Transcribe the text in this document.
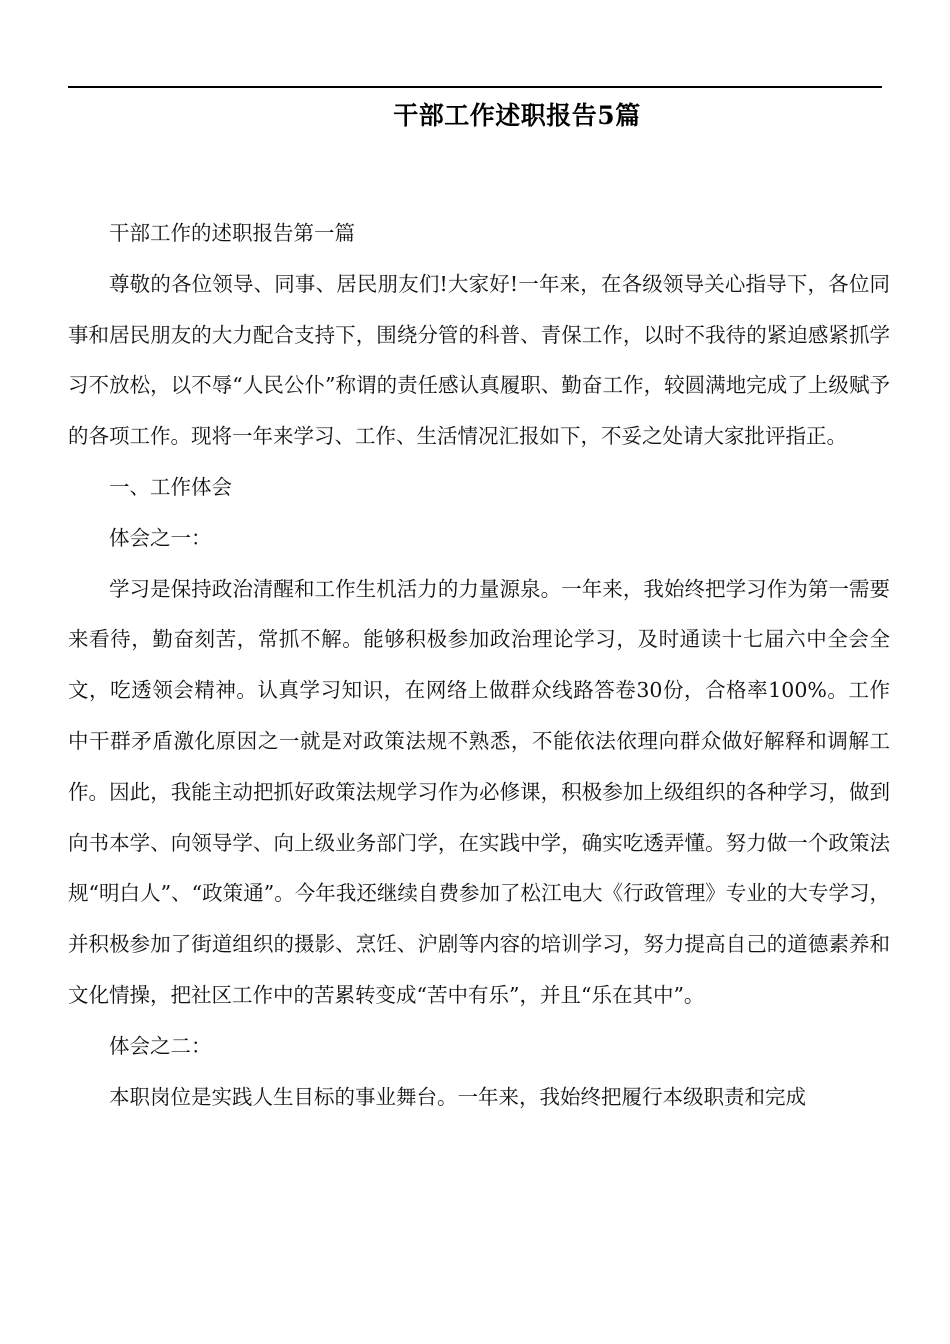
干部工作述职报告5篇

干部工作的述职报告第一篇

尊敬的各位领导、同事、居民朋友们!大家好!一年来，在各级领导关心指导下，各位同事和居民朋友的大力配合支持下，围绕分管的科普、青保工作，以时不我待的紧迫感紧抓学习不放松，以不辱“人民公仆”称谓的责任感认真履职、勤奋工作，较圆满地完成了上级赋予的各项工作。现将一年来学习、工作、生活情况汇报如下，不妥之处请大家批评指正。

一、工作体会

体会之一：

学习是保持政治清醒和工作生机活力的力量源泉。一年来，我始终把学习作为第一需要来看待，勤奋刻苦，常抓不解。能够积极参加政治理论学习，及时通读十七届六中全会全文，吃透领会精神。认真学习知识，在网络上做群众线路答卷30份，合格率100%。工作中干群矛盾激化原因之一就是对政策法规不熟悉，不能依法依理向群众做好解释和调解工作。因此，我能主动把抓好政策法规学习作为必修课，积极参加上级组织的各种学习，做到向书本学、向领导学、向上级业务部门学，在实践中学，确实吃透弄懂。努力做一个政策法规“明白人”、“政策通”。今年我还继续自费参加了松江电大《行政管理》专业的大专学习，并积极参加了街道组织的摄影、烹饪、沪剧等内容的培训学习，努力提高自己的道德素养和文化情操，把社区工作中的苦累转变成“苦中有乐”，并且“乐在其中”。

体会之二：

本职岗位是实践人生目标的事业舞台。一年来，我始终把履行本级职责和完成
